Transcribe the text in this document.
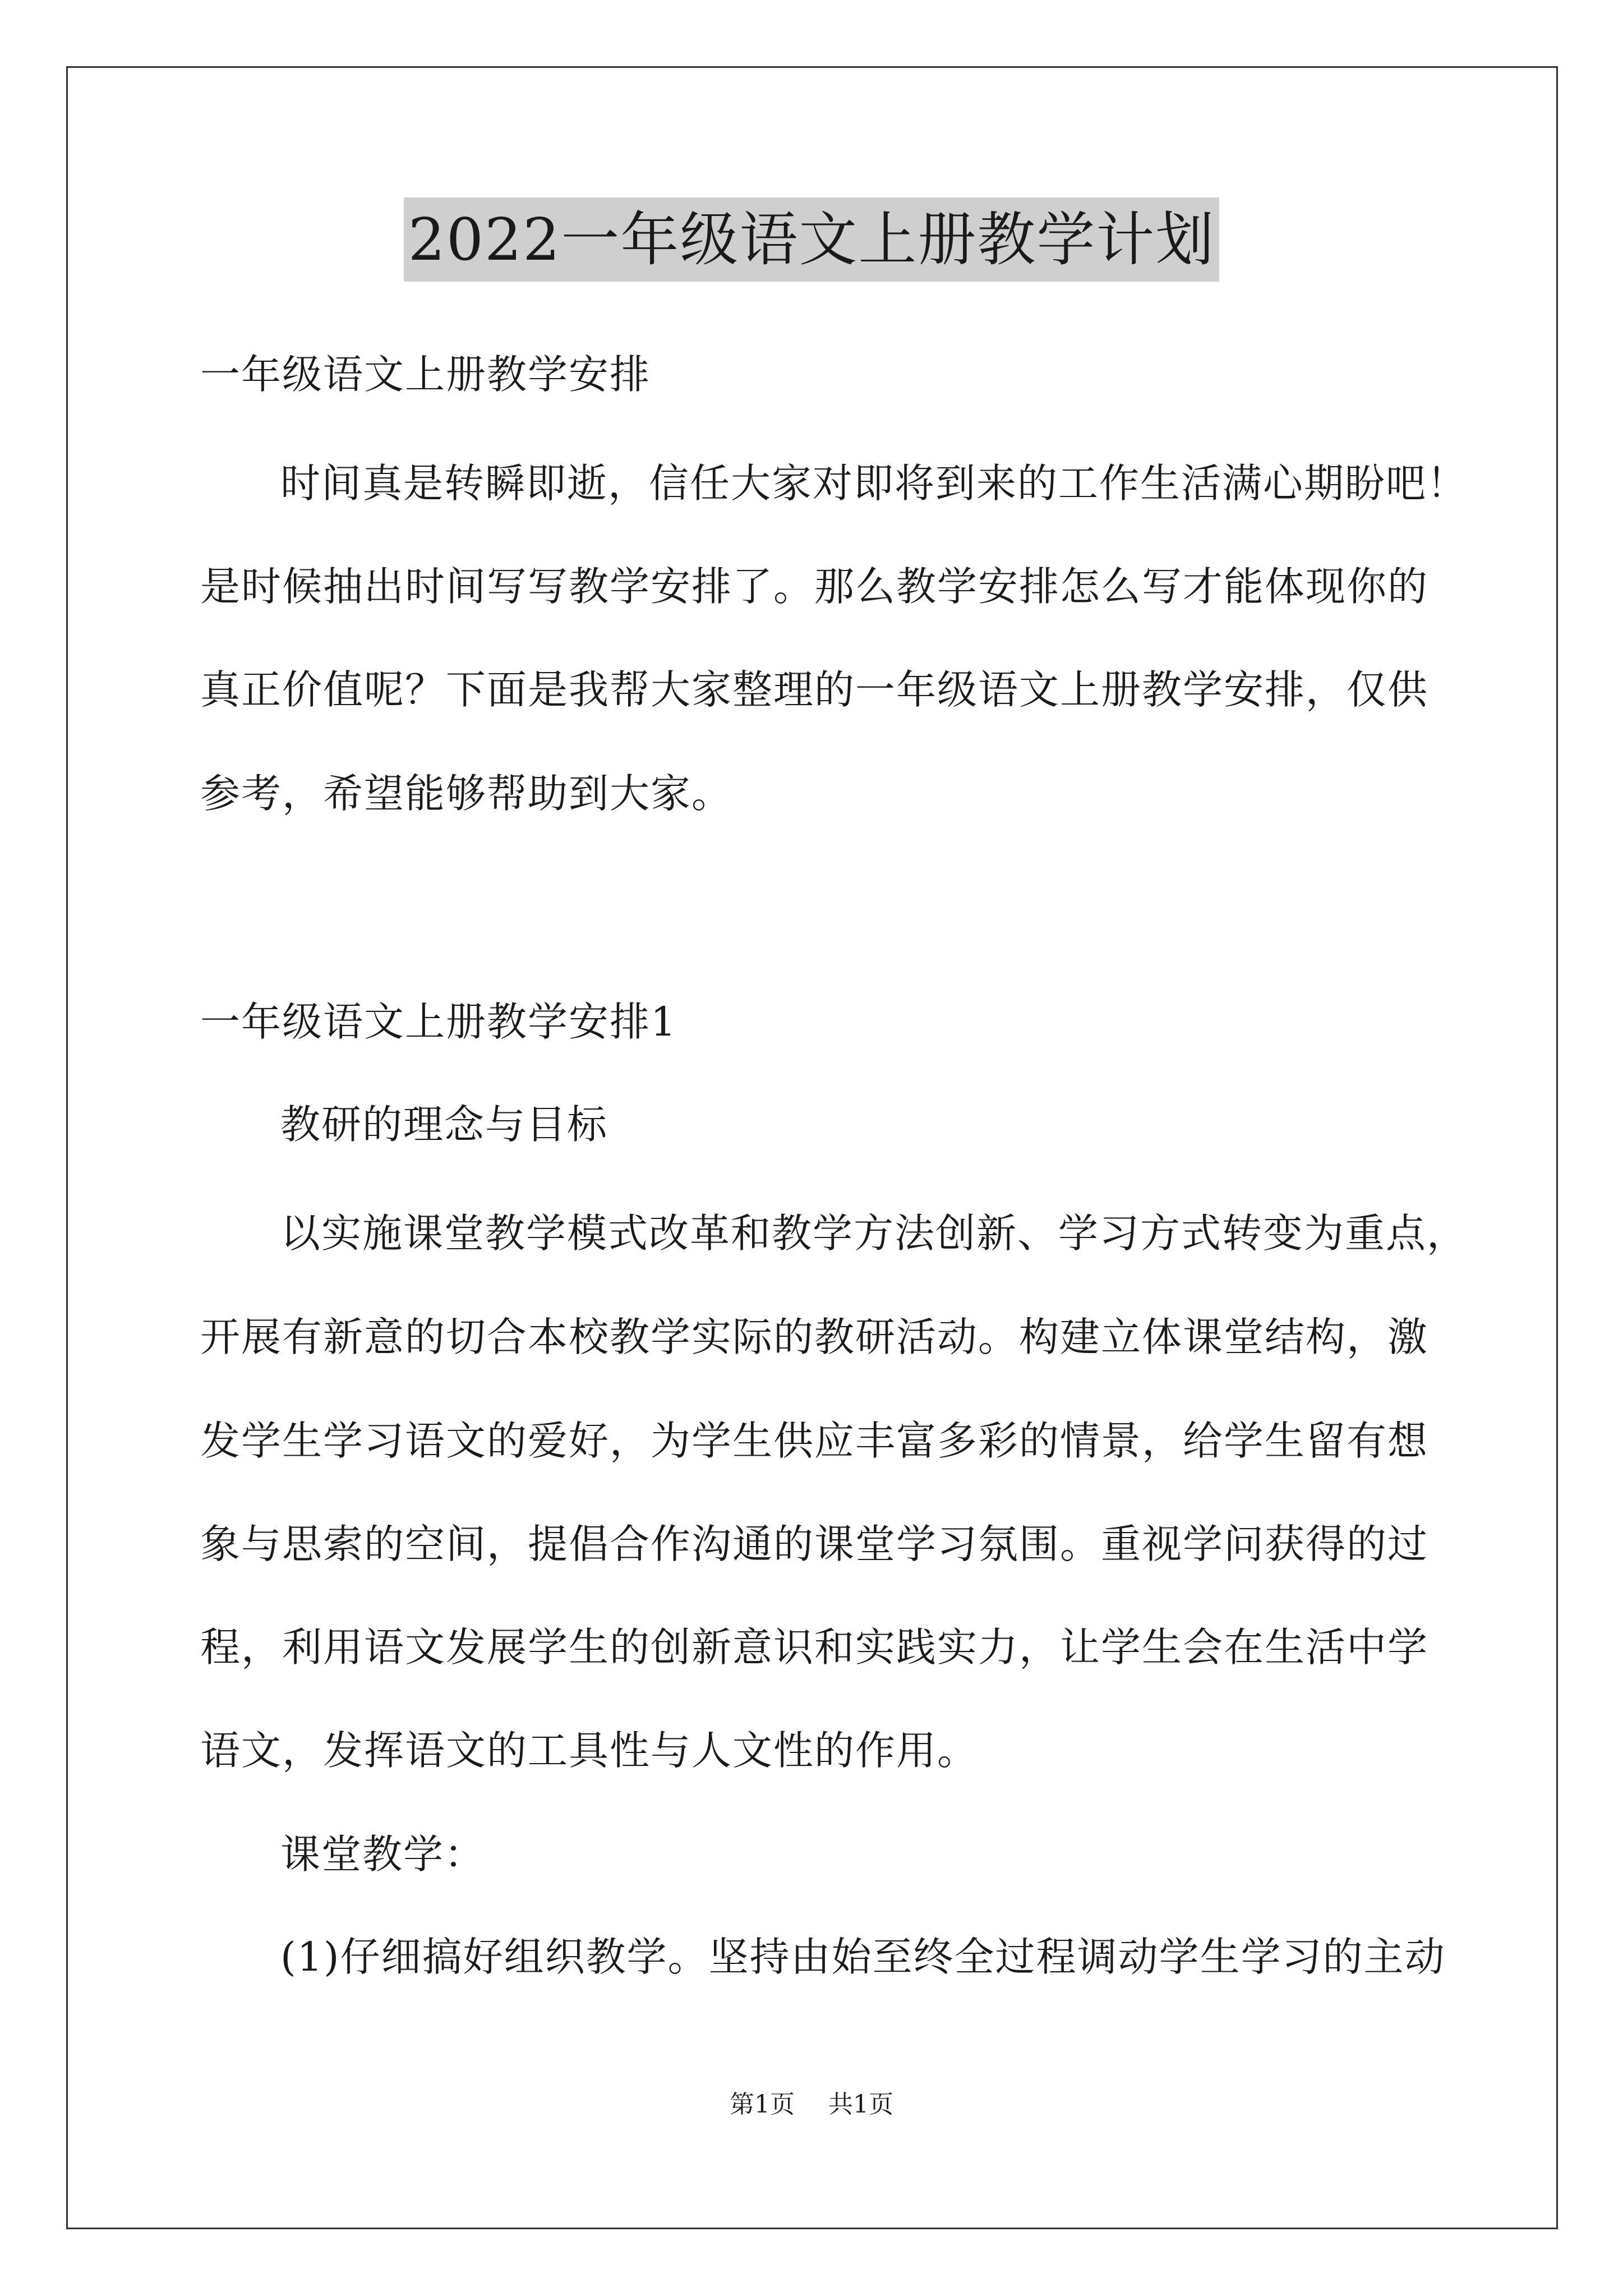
2022一年级语文上册教学计划
一年级语文上册教学安排
时间真是转瞬即逝，信任大家对即将到来的工作生活满心期盼吧！
是时候抽出时间写写教学安排了。那么教学安排怎么写才能体现你的
真正价值呢？下面是我帮大家整理的一年级语文上册教学安排，仅供
参考，希望能够帮助到大家。
一年级语文上册教学安排1
教研的理念与目标
以实施课堂教学模式改革和教学方法创新、学习方式转变为重点，
开展有新意的切合本校教学实际的教研活动。构建立体课堂结构，激
发学生学习语文的爱好，为学生供应丰富多彩的情景，给学生留有想
象与思索的空间，提倡合作沟通的课堂学习氛围。重视学问获得的过
程，利用语文发展学生的创新意识和实践实力，让学生会在生活中学
语文，发挥语文的工具性与人文性的作用。
课堂教学：
(1)仔细搞好组织教学。坚持由始至终全过程调动学生学习的主动
第1页 共1页
